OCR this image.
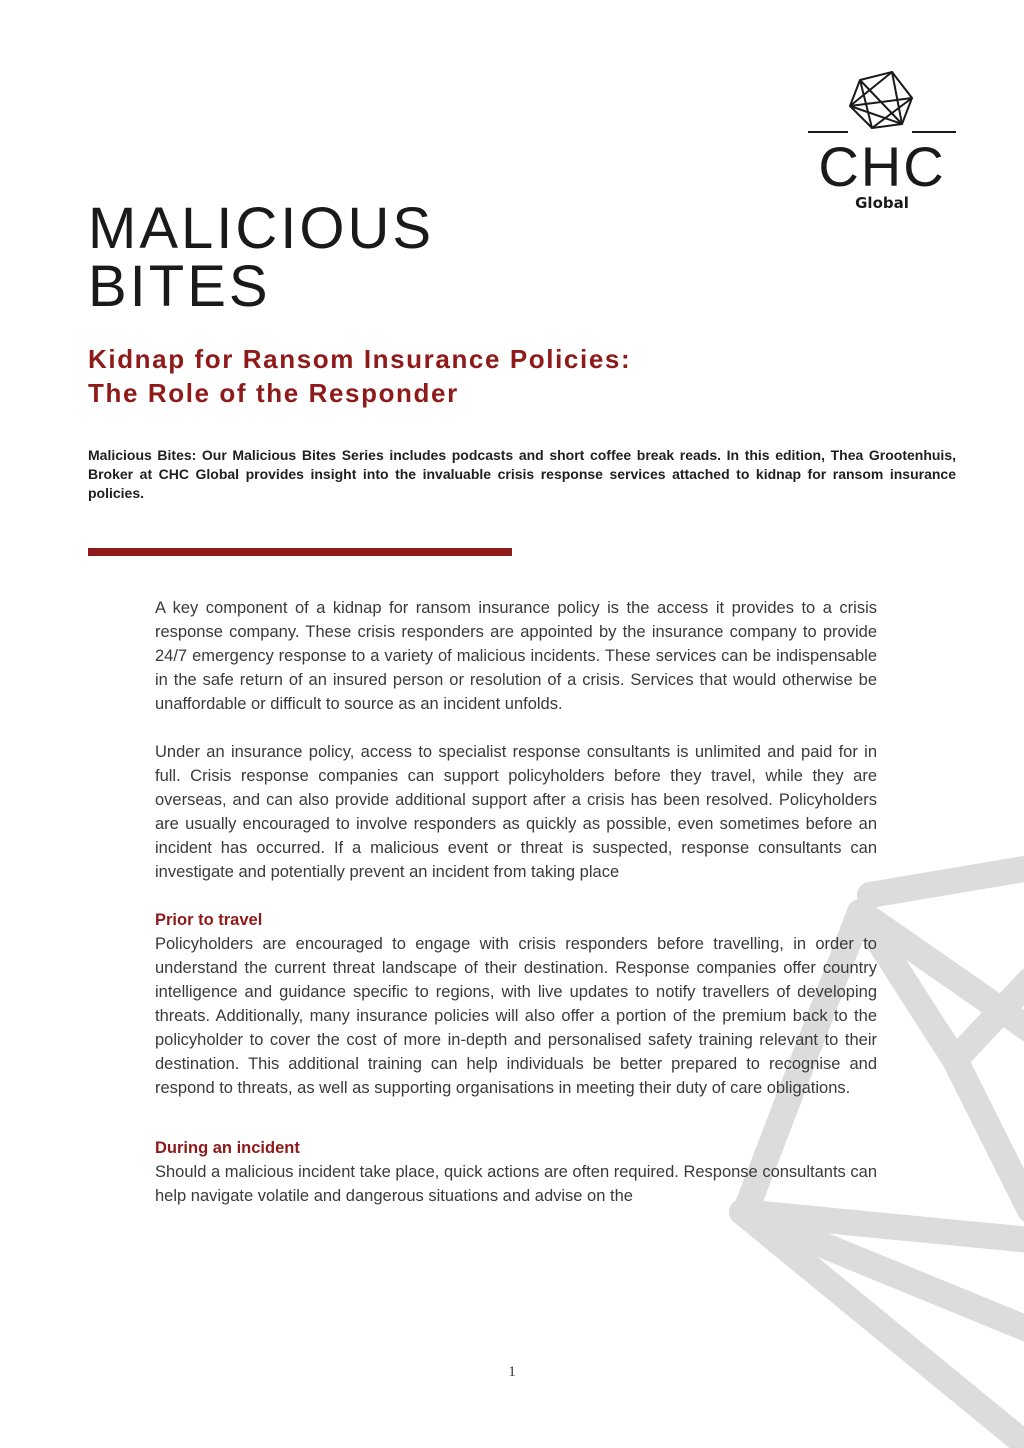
CHC
Global
MALICIOUS
BITES
Kidnap for Ransom Insurance Policies:
The Role of the Responder

Malicious Bites: Our Malicious Bites Series includes podcasts and short coffee break reads. In this edition, Thea Grootenhuis, Broker at CHC Global provides insight into the invaluable crisis response services attached to kidnap for ransom insurance policies.

A key component of a kidnap for ransom insurance policy is the access it provides to a crisis response company. These crisis responders are appointed by the insurance company to provide 24/7 emergency response to a variety of malicious incidents. These services can be indispensable in the safe return of an insured person or resolution of a crisis. Services that would otherwise be unaffordable or difficult to source as an incident unfolds.

Under an insurance policy, access to specialist response consultants is unlimited and paid for in full. Crisis response companies can support policyholders before they travel, while they are overseas, and can also provide additional support after a crisis has been resolved. Policyholders are usually encouraged to involve responders as quickly as possible, even sometimes before an incident has occurred. If a malicious event or threat is suspected, response consultants can investigate and potentially prevent an incident from taking place

Prior to travel

Policyholders are encouraged to engage with crisis responders before travelling, in order to understand the current threat landscape of their destination. Response companies offer country intelligence and guidance specific to regions, with live updates to notify travellers of developing threats. Additionally, many insurance policies will also offer a portion of the premium back to the policyholder to cover the cost of more in-depth and personalised safety training relevant to their destination. This additional training can help individuals be better prepared to recognise and respond to threats, as well as supporting organisations in meeting their duty of care obligations.

During an incident

Should a malicious incident take place, quick actions are often required. Response consultants can help navigate volatile and dangerous situations and advise on the

1
